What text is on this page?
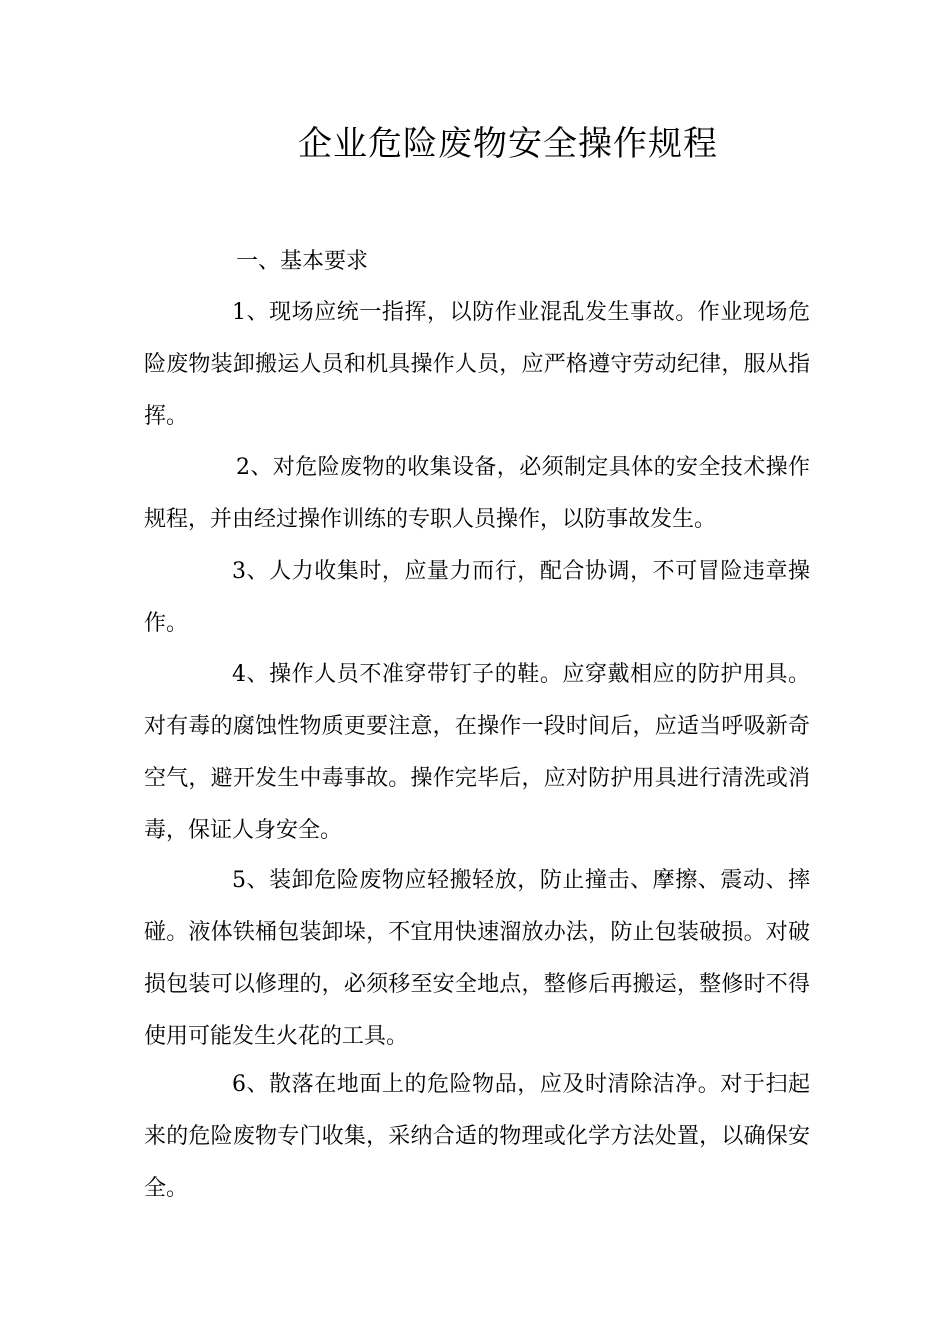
企业危险废物安全操作规程
一、基本要求

1、现场应统一指挥，以防作业混乱发生事故。作业现场危险废物装卸搬运人员和机具操作人员，应严格遵守劳动纪律，服从指挥。

2、对危险废物的收集设备，必须制定具体的安全技术操作规程，并由经过操作训练的专职人员操作，以防事故发生。

3、人力收集时，应量力而行，配合协调，不可冒险违章操作。

4、操作人员不准穿带钉子的鞋。应穿戴相应的防护用具。对有毒的腐蚀性物质更要注意，在操作一段时间后，应适当呼吸新奇空气，避开发生中毒事故。操作完毕后，应对防护用具进行清洗或消毒，保证人身安全。

5、装卸危险废物应轻搬轻放，防止撞击、摩擦、震动、摔碰。液体铁桶包装卸垛，不宜用快速溜放办法，防止包装破损。对破损包装可以修理的，必须移至安全地点，整修后再搬运，整修时不得使用可能发生火花的工具。

6、散落在地面上的危险物品，应及时清除洁净。对于扫起来的危险废物专门收集，采纳合适的物理或化学方法处置，以确保安全。
